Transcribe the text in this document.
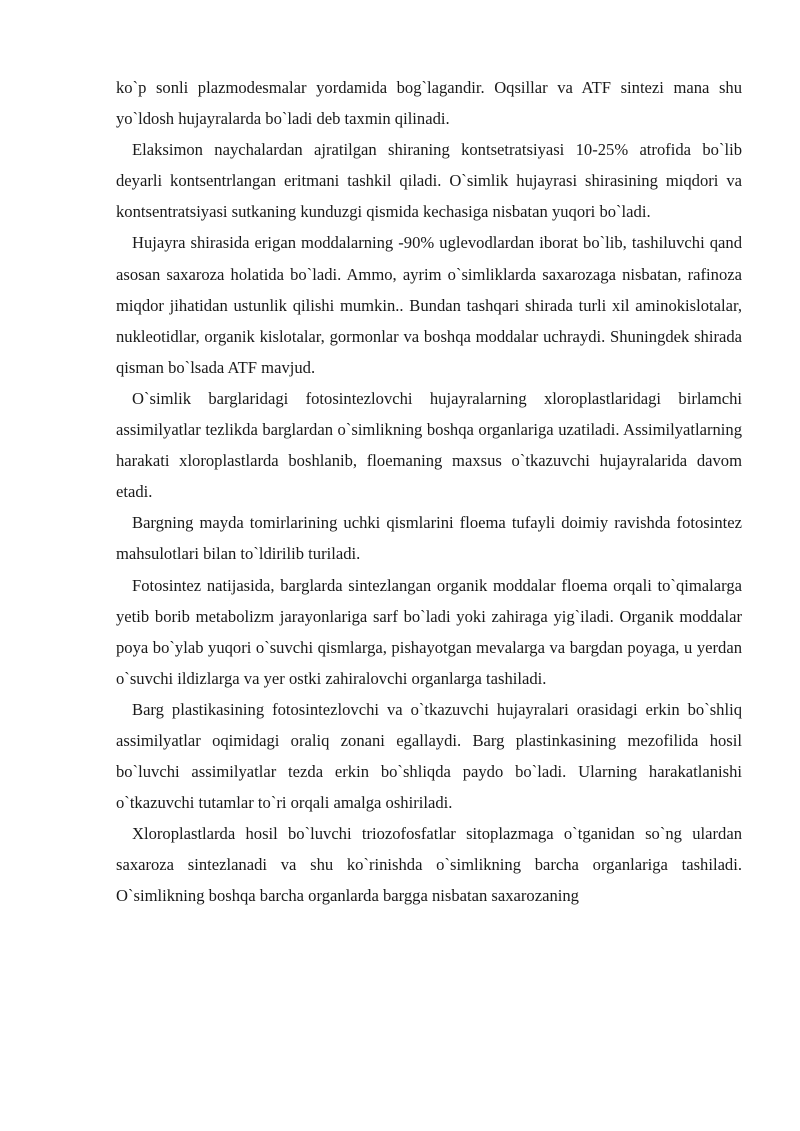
ko`p sonli plazmodesmalar yordamida bog`lagandir. Oqsillar va ATF sintezi mana shu yo`ldosh hujayralarda bo`ladi deb taxmin qilinadi.

Elaksimon naychalardan ajratilgan shiraning kontsetratsiyasi 10-25% atrofida bo`lib deyarli kontsentrlangan eritmani tashkil qiladi. O`simlik hujayrasi shirasining miqdori va kontsentratsiyasi sutkaning kunduzgi qismida kechasiga nisbatan yuqori bo`ladi.

Hujayra shirasida erigan moddalarning -90% uglevodlardan iborat bo`lib, tashiluvchi qand asosan saxaroza holatida bo`ladi. Ammo, ayrim o`simliklarda saxarozaga nisbatan, rafinoza miqdor jihatidan ustunlik qilishi mumkin.. Bundan tashqari shirada turli xil aminokislotalar, nukleotidlar, organik kislotalar, gormonlar va boshqa moddalar uchraydi. Shuningdek shirada qisman bo`lsada ATF mavjud.

O`simlik barglaridagi fotosintezlovchi hujayralarning xloroplastlaridagi birlamchi assimilyatlar tezlikda barglardan o`simlikning boshqa organlariga uzatiladi. Assimilyatlarning harakati xloroplastlarda boshlanib, floemaning maxsus o`tkazuvchi hujayralarida davom etadi.

Bargning mayda tomirlarining uchki qismlarini floema tufayli doimiy ravishda fotosintez mahsulotlari bilan to`ldirilib turiladi.

Fotosintez natijasida, barglarda sintezlangan organik moddalar floema orqali to`qimalarga yetib borib metabolizm jarayonlariga sarf bo`ladi yoki zahiraga yig`iladi. Organik moddalar poya bo`ylab yuqori o`suvchi qismlarga, pishayotgan mevalarga va bargdan poyaga, u yerdan o`suvchi ildizlarga va yer ostki zahiralovchi organlarga tashiladi.

Barg plastikasining fotosintezlovchi va o`tkazuvchi hujayralari orasidagi erkin bo`shliq assimilyatlar oqimidagi oraliq zonani egallaydi. Barg plastinkasining mezofilida hosil bo`luvchi assimilyatlar tezda erkin bo`shliqda paydo bo`ladi. Ularning harakatlanishi o`tkazuvchi tutamlar to`ri orqali amalga oshiriladi.

Xloroplastlarda hosil bo`luvchi triozofosfatlar sitoplazmaga o`tganidan so`ng ulardan saxaroza sintezlanadi va shu ko`rinishda o`simlikning barcha organlariga tashiladi. O`simlikning boshqa barcha organlarda bargga nisbatan saxarozaning
